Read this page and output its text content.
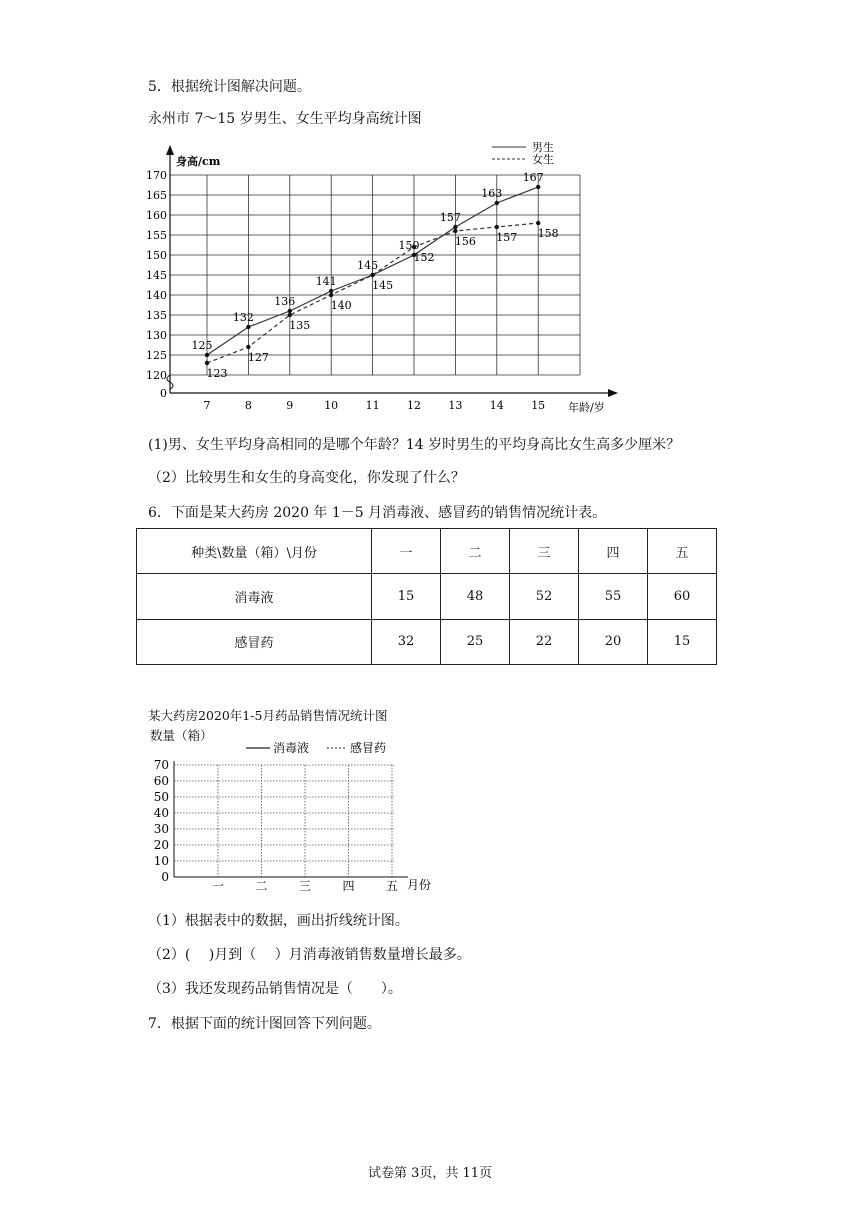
5．根据统计图解决问题。
永州市 7～15 岁男生、女生平均身高统计图
0
120
125
130
135
140
145
150
155
160
165
170
7	8	9	10 11 12 13 14 15
125
132
136
141
145
150
157
163
167
123
127
135
140
145
152
156 157 158
身高/cm
年龄/岁
男生
女生
(1)男、女生平均身高相同的是哪个年龄？14 岁时男生的平均身高比女生高多少厘米？
（2）比较男生和女生的身高变化，你发现了什么？
6．下面是某大药房 2020 年 1－5 月消毒液、感冒药的销售情况统计表。
种类\数量（箱）\月份	一	二	三	四	五
消毒液	15	48	52	55	60
感冒药	32	25	22	20	15
某大药房2020年1-5月药品销售情况统计图
数量（箱）
消毒液	感冒药
0
10
20
30
40
50
60
70
一	二	三	四	五 月份
（1）根据表中的数据，画出折线统计图。
（2）(　 )月到（　 ）月消毒液销售数量增长最多。
（3）我还发现药品销售情况是（　　）。
7．根据下面的统计图回答下列问题。
试卷第 3页，共 11页
